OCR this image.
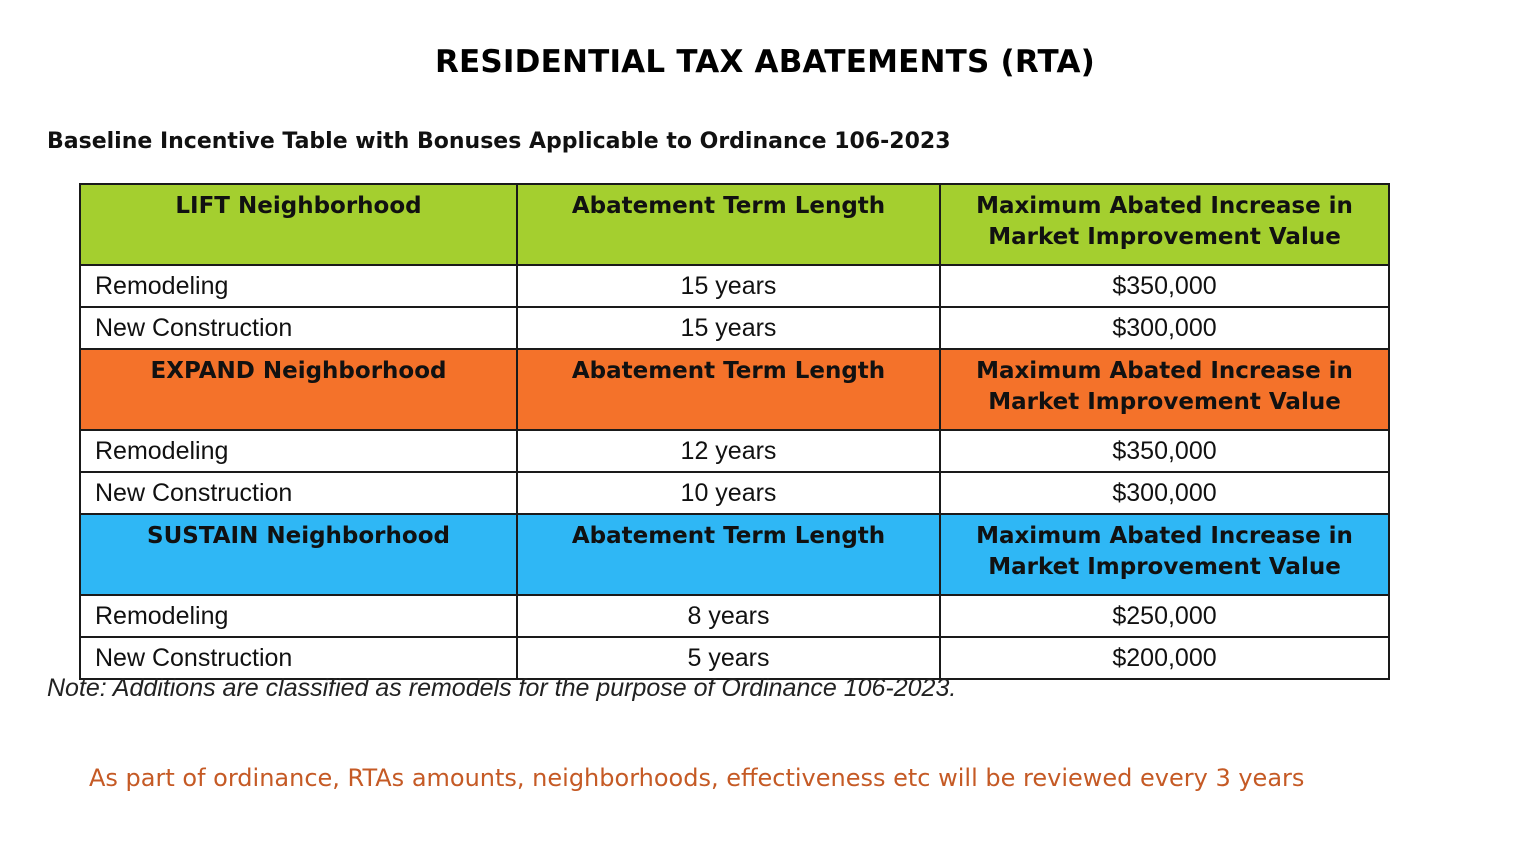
RESIDENTIAL TAX ABATEMENTS (RTA)
Baseline Incentive Table with Bonuses Applicable to Ordinance 106-2023
LIFT Neighborhood	Abatement Term Length	Maximum Abated Increase in
Market Improvement Value
Remodeling	15 years	$350,000
New Construction	15 years	$300,000
EXPAND Neighborhood	Abatement Term Length	Maximum Abated Increase in
Market Improvement Value
Remodeling	12 years	$350,000
New Construction	10 years	$300,000
SUSTAIN Neighborhood	Abatement Term Length	Maximum Abated Increase in
Market Improvement Value
Remodeling	8 years	$250,000
New Construction	5 years	$200,000
Note: Additions are classified as remodels for the purpose of Ordinance 106-2023.
As part of ordinance, RTAs amounts, neighborhoods, effectiveness etc will be reviewed every 3 years
